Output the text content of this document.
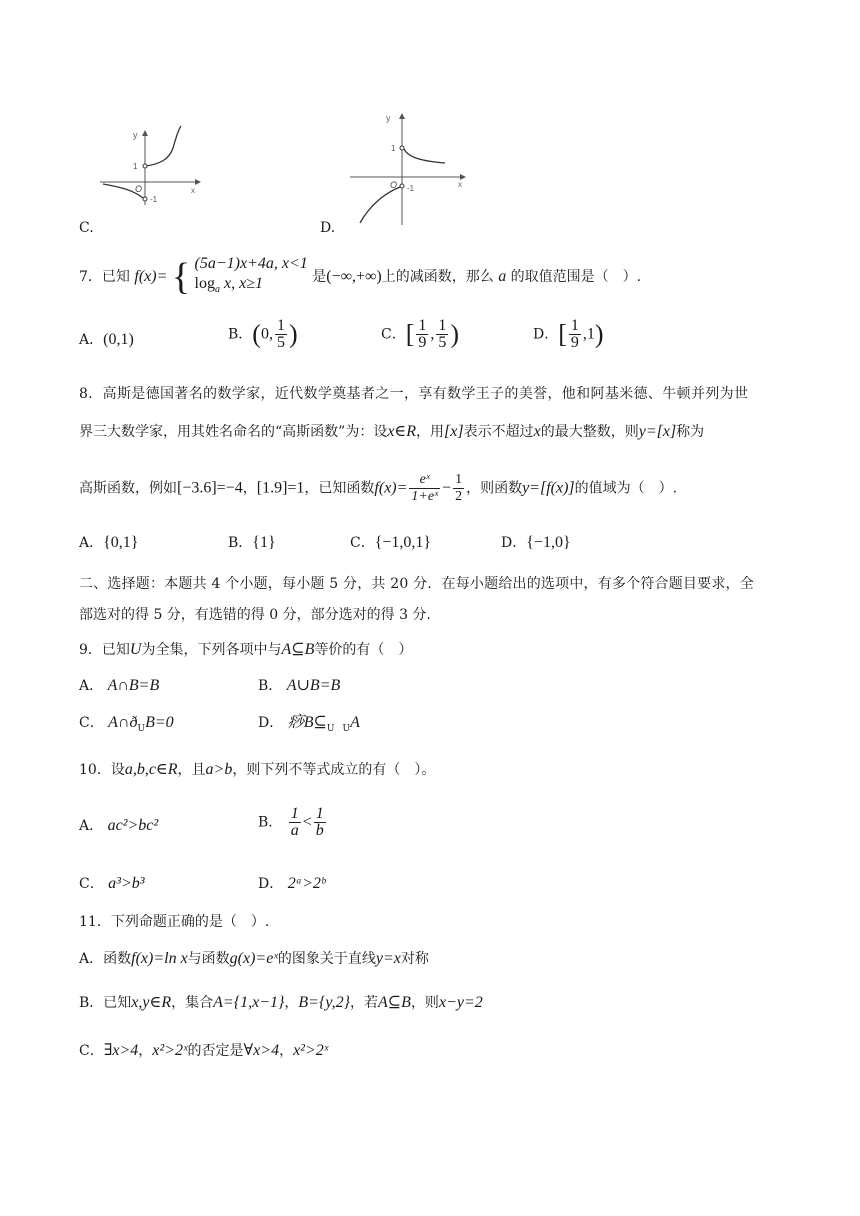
y
x
O
1
-1
C.
y
x
O
1
-1
D.
7．已知 f(x)= { (5a−1)x+4a, x<1
$\log_a x$, x≥1	是(−∞,+∞)上的减函数，那么 a 的取值范围是（　）.
A．(0,1)	B．(0, $\frac{1}{5}$ )	C．[ $\frac{1}{9}$ , $\frac{1}{5}$ )	D．[ $\frac{1}{9} ,1$)
8．高斯是德国著名的数学家，近代数学奠基者之一，享有数学王子的美誉，他和阿基米德、牛顿并列为世
界三大数学家，用其姓名命名的“高斯函数”为：设x∈R，用[x]表示不超过x的最大整数，则y=[x]称为
高斯函数，例如[−3.6]=−4，[1.9]=1，已知函数$f(x)= \frac{\text{eˣ}}{\text{1+eˣ}} - \frac{1}{2}$ ，则函数y=[f(x)]的值域为（　）.
A．{0,1}	B．{1}	C．{−1,0,1}	D．{−1,0}
二、选择题：本题共 4 个小题，每小题 5 分，共 20 分．在每小题给出的选项中，有多个符合题目要求，全
部选对的得 5 分，有选错的得 0 分，部分选对的得 3 分.
9．已知U为全集，下列各项中与A⊆B等价的有（　）
A． A∩B=B	B． A∪B=B
C． $A\cap ð_UB=0$	D． 痧$B⊆_U$ $_U$A
10．设a,b,c∈R，且a>b，则下列不等式成立的有（　）。
A． ac²>bc²	B． $\frac{1}{a} < \frac{1}{b}$
C． a³>b³	D． 2ᵃ>2ᵇ
11．下列命题正确的是（　）.
A．函数f(x)=ln x与函数g(x)=eˣ的图象关于直线y=x对称
B．已知x,y∈R，集合A={1,x−1}，B={y,2}，若A⊆B，则x−y=2
C．∃x>4，x²>2ˣ的否定是∀x>4，x²>2ˣ
